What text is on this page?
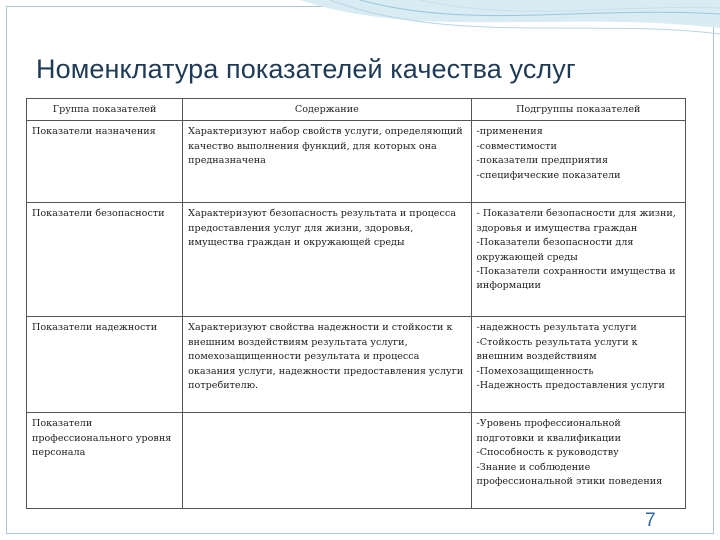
Номенклатура показателей качества услуг
Группа показателей	Содержание	Подгруппы показателей
Показатели назначения	Характеризуют набор свойств услуги, определяющий качество выполнения функций, для которых она предназначена	-применения
-совместимости
-показатели предприятия
-специфические показатели

Показатели безопасности	Характеризуют безопасность результата и процесса предоставления услуг для жизни, здоровья, имущества граждан и окружающей среды	- Показатели безопасности для жизни, здоровья и имущества граждан
-Показатели безопасности для окружающей среды
-Показатели сохранности имущества и информации

Показатели надежности	Характеризуют свойства надежности и стойкости к внешним воздействиям результата услуги, помехозащищенности результата и процесса оказания услуги, надежности предоставления услуги потребителю.	-надежность результата услуги
-Стойкость результата услуги к внешним воздействиям
-Помехозащищенность
-Надежность предоставления услуги

Показатели профессионального уровня персонала		-Уровень профессиональной подготовки и квалификации
-Способность к руководству
-Знание и соблюдение профессиональной этики поведения
7
